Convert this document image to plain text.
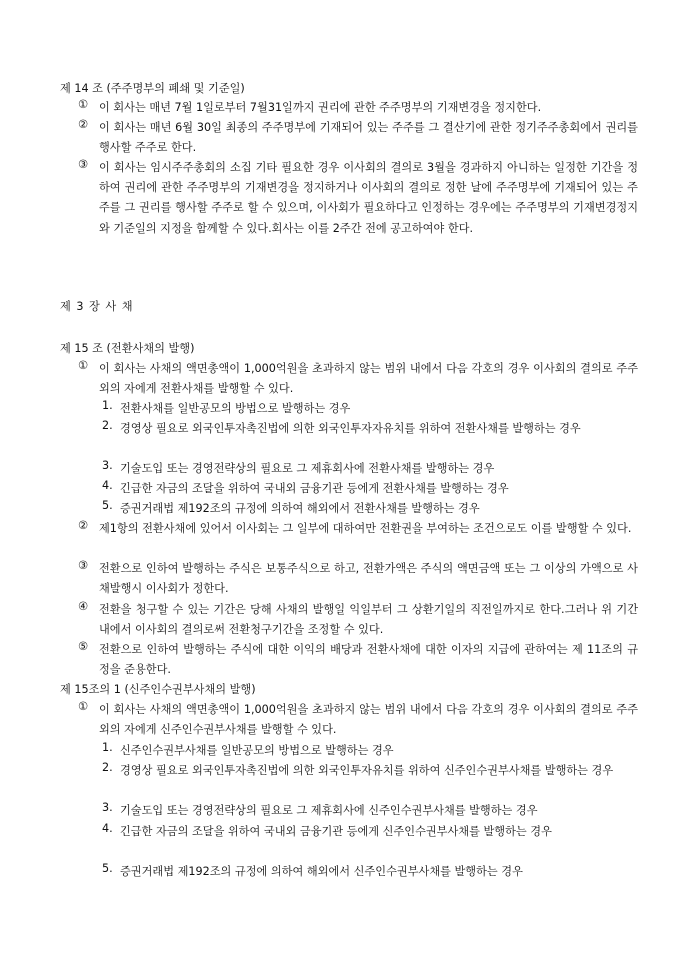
제 14 조 (주주명부의 폐쇄 및 기준일)
① 이 회사는 매년 7월 1일로부터 7월31일까지 권리에 관한 주주명부의 기재변경을 정지한다.
② 이 회사는 매년 6월 30일 최종의 주주명부에 기재되어 있는 주주를 그 결산기에 관한 정기주주총회에서 권리를 행사할 주주로 한다.
③ 이 회사는 임시주주총회의 소집 기타 필요한 경우 이사회의 결의로 3월을 경과하지 아니하는 일정한 기간을 정하여 권리에 관한 주주명부의 기재변경을 정지하거나 이사회의 결의로 정한 날에 주주명부에 기재되어 있는 주주를 그 권리를 행사할 주주로 할 수 있으며, 이사회가 필요하다고 인정하는 경우에는 주주명부의 기재변경정지와 기준일의 지정을 함께할 수 있다.회사는 이를 2주간 전에 공고하여야 한다.
제 3 장 사 채
제 15 조 (전환사채의 발행)
① 이 회사는 사채의 액면총액이 1,000억원을 초과하지 않는 범위 내에서 다음 각호의 경우 이사회의 결의로 주주 외의 자에게 전환사채를 발행할 수 있다.
1. 전환사채를 일반공모의 방법으로 발행하는 경우
2. 경영상 필요로 외국인투자촉진법에 의한 외국인투자자유치를 위하여 전환사채를 발행하는 경우
3. 기술도입 또는 경영전략상의 필요로 그 제휴회사에 전환사채를 발행하는 경우
4. 긴급한 자금의 조달을 위하여 국내외 금융기관 등에게 전환사채를 발행하는 경우
5. 증권거래법 제192조의 규정에 의하여 해외에서 전환사채를 발행하는 경우
② 제1항의 전환사채에 있어서 이사회는 그 일부에 대하여만 전환권을 부여하는 조건으로도 이를 발행할 수 있다.
③ 전환으로 인하여 발행하는 주식은 보통주식으로 하고, 전환가액은 주식의 액면금액 또는 그 이상의 가액으로 사채발행시 이사회가 정한다.
④ 전환을 청구할 수 있는 기간은 당해 사채의 발행일 익일부터 그 상환기일의 직전일까지로 한다.그러나 위 기간 내에서 이사회의 결의로써 전환청구기간을 조정할 수 있다.
⑤ 전환으로 인하여 발행하는 주식에 대한 이익의 배당과 전환사채에 대한 이자의 지급에 관하여는 제 11조의 규정을 준용한다.
제 15조의 1 (신주인수권부사채의 발행)
① 이 회사는 사채의 액면총액이 1,000억원을 초과하지 않는 범위 내에서 다음 각호의 경우 이사회의 결의로 주주 외의 자에게 신주인수권부사채를 발행할 수 있다.
1. 신주인수권부사채를 일반공모의 방법으로 발행하는 경우
2. 경영상 필요로 외국인투자촉진법에 의한 외국인투자유치를 위하여 신주인수권부사채를 발행하는 경우
3. 기술도입 또는 경영전략상의 필요로 그 제휴회사에 신주인수권부사채를 발행하는 경우
4. 긴급한 자금의 조달을 위하여 국내외 금융기관 등에게 신주인수권부사채를 발행하는 경우
5. 증권거래법 제192조의 규정에 의하여 해외에서 신주인수권부사채를 발행하는 경우
